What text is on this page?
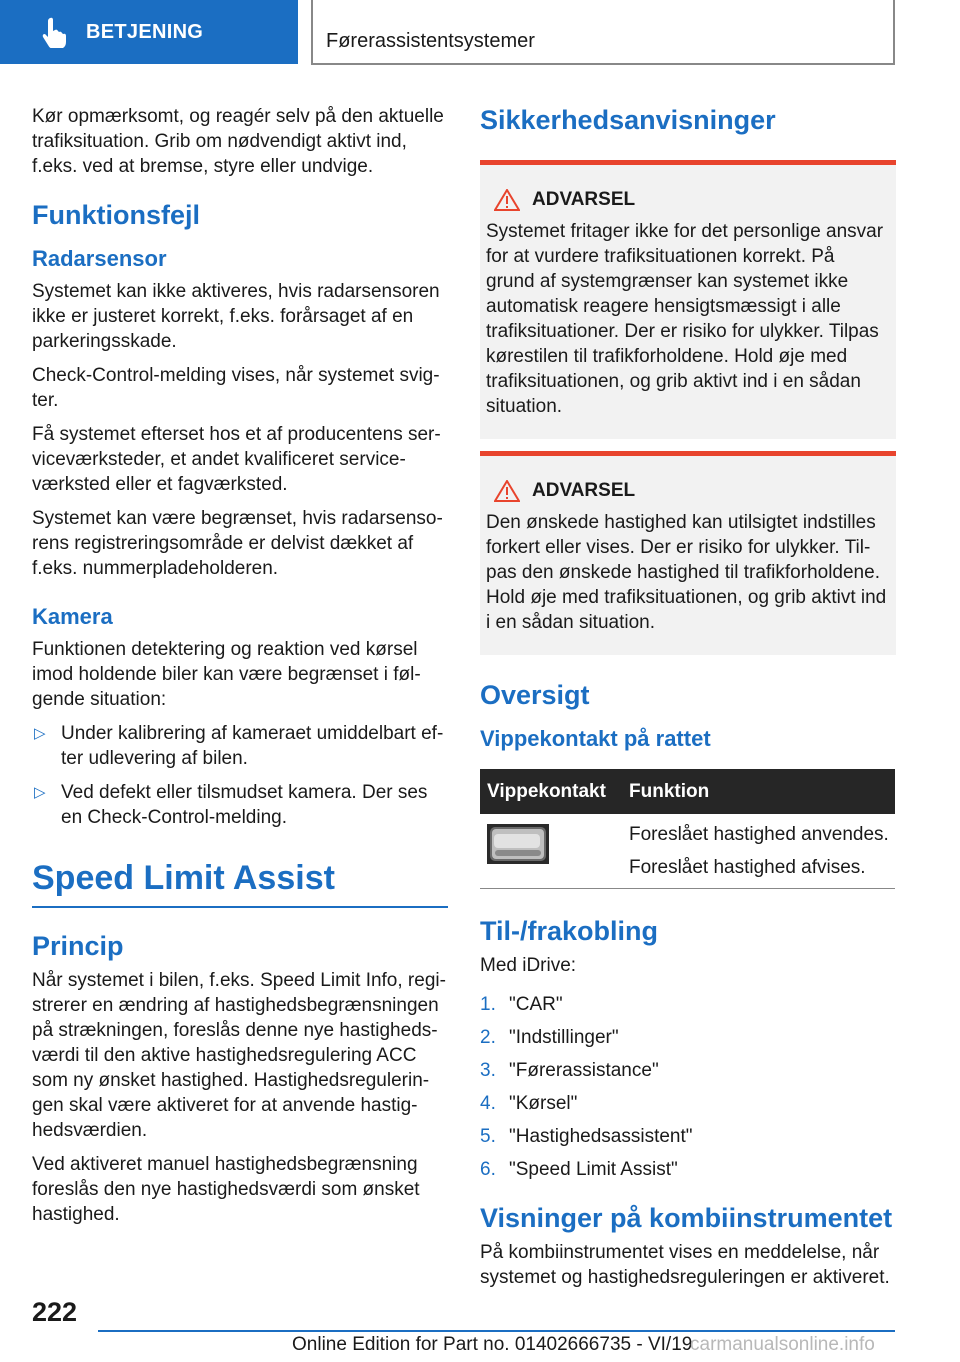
BETJENING	Førerassistentsystemer

Kør opmærksomt, og reagér selv på den aktuelle trafiksituation. Grib om nødvendigt aktivt ind, f.eks. ved at bremse, styre eller undvige.

Funktionsfejl
Radarsensor

Systemet kan ikke aktiveres, hvis radarsensoren ikke er justeret korrekt, f.eks. forårsaget af en parkeringsskade.

Check-Control-melding vises, når systemet svigter.

Få systemet efterset hos et af producentens serviceværksteder, et andet kvalificeret serviceværksted eller et fagværksted.

Systemet kan være begrænset, hvis radarsensorens registreringsområde er delvist dækket af f.eks. nummerpladeholderen.

Kamera

Funktionen detektering og reaktion ved kørsel imod holdende biler kan være begrænset i følgende situation:

▷ Under kalibrering af kameraet umiddelbart efter udlevering af bilen.
▷ Ved defekt eller tilsmudset kamera. Der ses en Check-Control-melding.
Speed Limit Assist
Princip

Når systemet i bilen, f.eks. Speed Limit Info, registrerer en ændring af hastighedsbegrænsningen på strækningen, foreslås denne nye hastighedsværdi til den aktive hastighedsregulering ACC som ny ønsket hastighed. Hastighedsreguleringen skal være aktiveret for at anvende hastighedsværdien.

Ved aktiveret manuel hastighedsbegrænsning foreslås den nye hastighedsværdi som ønsket hastighed.

Sikkerhedsanvisninger
ADVARSEL

Systemet fritager ikke for det personlige ansvar for at vurdere trafiksituationen korrekt. På grund af systemgrænser kan systemet ikke automatisk reagere hensigtsmæssigt i alle trafiksituationer. Der er risiko for ulykker. Tilpas kørestilen til trafikforholdene. Hold øje med trafiksituationen, og grib aktivt ind i en sådan situation.

ADVARSEL

Den ønskede hastighed kan utilsigtet indstilles forkert eller vises. Der er risiko for ulykker. Tilpas den ønskede hastighed til trafikforholdene. Hold øje med trafiksituationen, og grib aktivt ind i en sådan situation.

Oversigt
Vippekontakt på rattet
Vippekontakt	Funktion

Foreslået hastighed anvendes.

Foreslået hastighed afvises.

Til-/frakobling

Med iDrive:

1. "CAR"
2. "Indstillinger"
3. "Førerassistance"
4. "Kørsel"
5. "Hastighedsassistent"
6. "Speed Limit Assist"
Visninger på kombiinstrumentet

På kombiinstrumentet vises en meddelelse, når systemet og hastighedsreguleringen er aktiveret.

222
Online Edition for Part no. 01402666735 - VI/19
carmanualsonline.info
